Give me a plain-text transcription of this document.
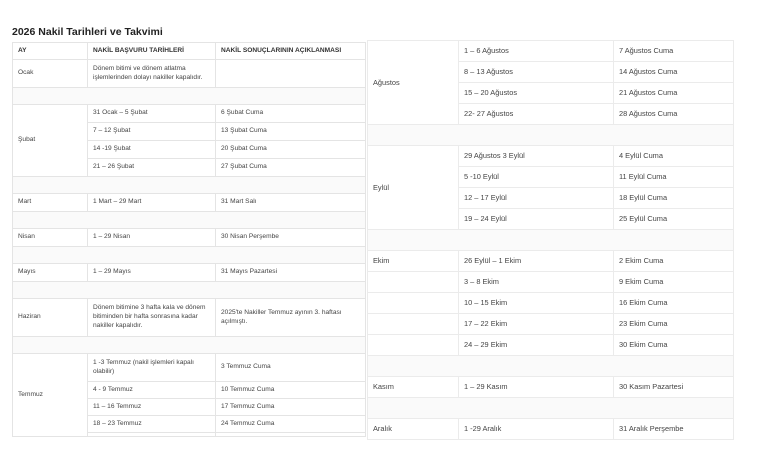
2026 Nakil Tarihleri ve Takvimi
AY	NAKİL BAŞVURU TARİHLERİ	NAKİL SONUÇLARININ AÇIKLANMASI
Ocak	Dönem bitimi ve dönem atlatma işlemlerinden dolayı nakiller kapalıdır.	

Şubat	31 Ocak – 5 Şubat	6 Şubat Cuma
	7 – 12 Şubat	13 Şubat Cuma
	14 -19 Şubat	20 Şubat Cuma
	21 – 26 Şubat	27 Şubat Cuma

Mart	1 Mart – 29 Mart	31 Mart Salı

Nisan	1 – 29 Nisan	30 Nisan Perşembe

Mayıs	1 – 29 Mayıs	31 Mayıs Pazartesi

Haziran	Dönem bitimine 3 hafta kala ve dönem bitiminden bir hafta sonrasına kadar nakiller kapalıdır.	2025'te Nakiller Temmuz ayının 3. haftası açılmıştı.

Temmuz	1 -3 Temmuz (nakil işlemleri kapalı olabilir)	3 Temmuz Cuma
	4 - 9 Temmuz	10 Temmuz Cuma
	11 – 16 Temmuz	17 Temmuz Cuma
	18 – 23 Temmuz	24 Temmuz Cuma

Ağustos	1 – 6 Ağustos	7 Ağustos Cuma
	8 – 13 Ağustos	14 Ağustos Cuma
	15 – 20 Ağustos	21 Ağustos Cuma
	22- 27 Ağustos	28 Ağustos Cuma

Eylül	29 Ağustos 3 Eylül	4 Eylül Cuma
	5 -10 Eylül	11 Eylül Cuma
	12 – 17 Eylül	18 Eylül Cuma
	19 – 24 Eylül	25 Eylül Cuma

Ekim	26 Eylül – 1 Ekim	2 Ekim Cuma
	3 – 8 Ekim	9 Ekim Cuma
	10 – 15 Ekim	16 Ekim Cuma
	17 – 22 Ekim	23 Ekim Cuma
	24 – 29 Ekim	30 Ekim Cuma

Kasım	1 – 29 Kasım	30 Kasım Pazartesi

Aralık	1 -29 Aralık	31 Aralık Perşembe
